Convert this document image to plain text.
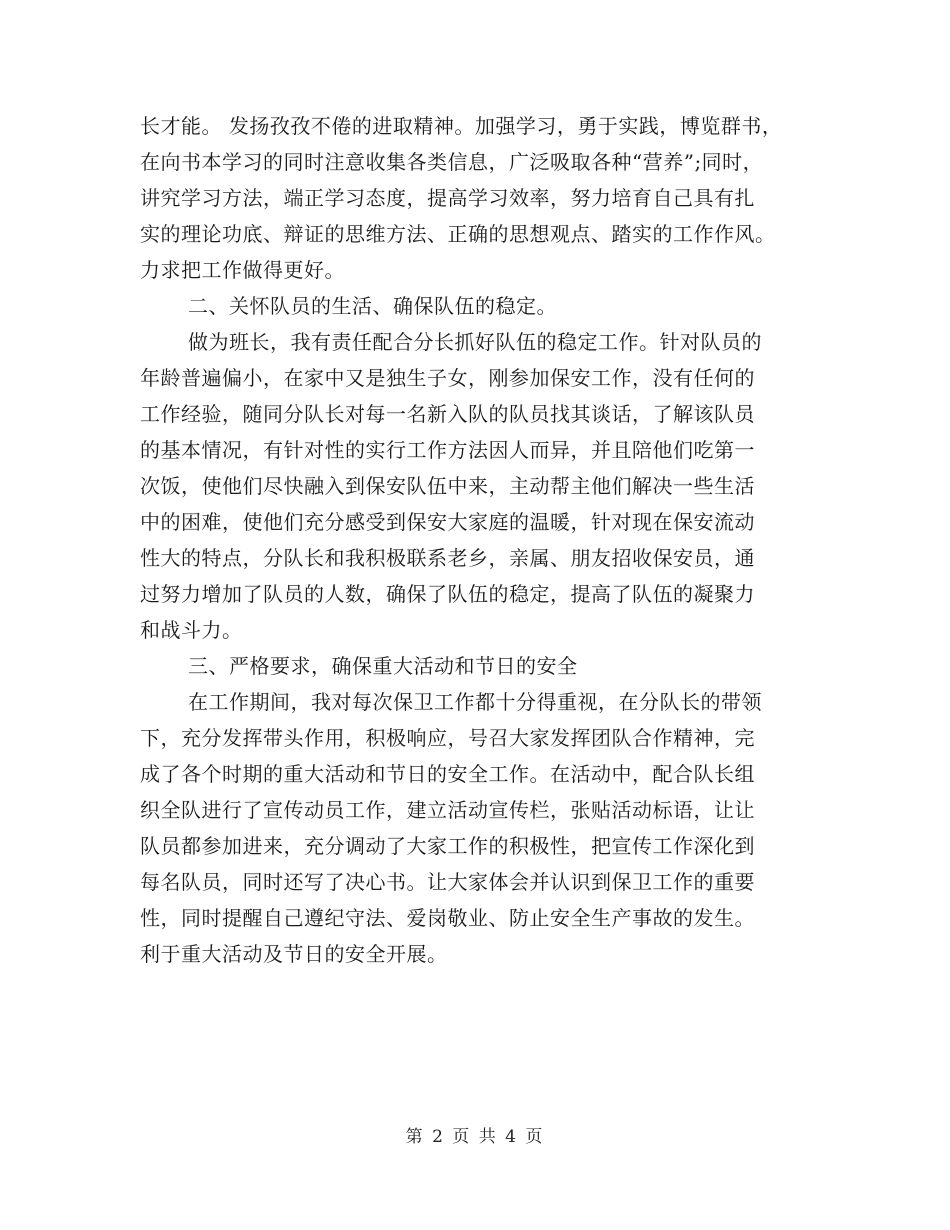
长才能。 发扬孜孜不倦的进取精神。加强学习，勇于实践，博览群书，
在向书本学习的同时注意收集各类信息，广泛吸取各种“营养”;同时，
讲究学习方法，端正学习态度，提高学习效率，努力培育自己具有扎
实的理论功底、辩证的思维方法、正确的思想观点、踏实的工作作风。
力求把工作做得更好。
二、关怀队员的生活、确保队伍的稳定。
做为班长，我有责任配合分长抓好队伍的稳定工作。针对队员的
年龄普遍偏小，在家中又是独生子女，刚参加保安工作，没有任何的
工作经验，随同分队长对每一名新入队的队员找其谈话，了解该队员
的基本情况，有针对性的实行工作方法因人而异，并且陪他们吃第一
次饭，使他们尽快融入到保安队伍中来，主动帮主他们解决一些生活
中的困难，使他们充分感受到保安大家庭的温暖，针对现在保安流动
性大的特点，分队长和我积极联系老乡，亲属、朋友招收保安员，通
过努力增加了队员的人数，确保了队伍的稳定，提高了队伍的凝聚力
和战斗力。
三、严格要求，确保重大活动和节日的安全
在工作期间，我对每次保卫工作都十分得重视，在分队长的带领
下，充分发挥带头作用，积极响应，号召大家发挥团队合作精神，完
成了各个时期的重大活动和节日的安全工作。在活动中，配合队长组
织全队进行了宣传动员工作，建立活动宣传栏，张贴活动标语，让让
队员都参加进来，充分调动了大家工作的积极性，把宣传工作深化到
每名队员，同时还写了决心书。让大家体会并认识到保卫工作的重要
性，同时提醒自己遵纪守法、爱岗敬业、防止安全生产事故的发生。
利于重大活动及节日的安全开展。
第 2 页 共 4 页
